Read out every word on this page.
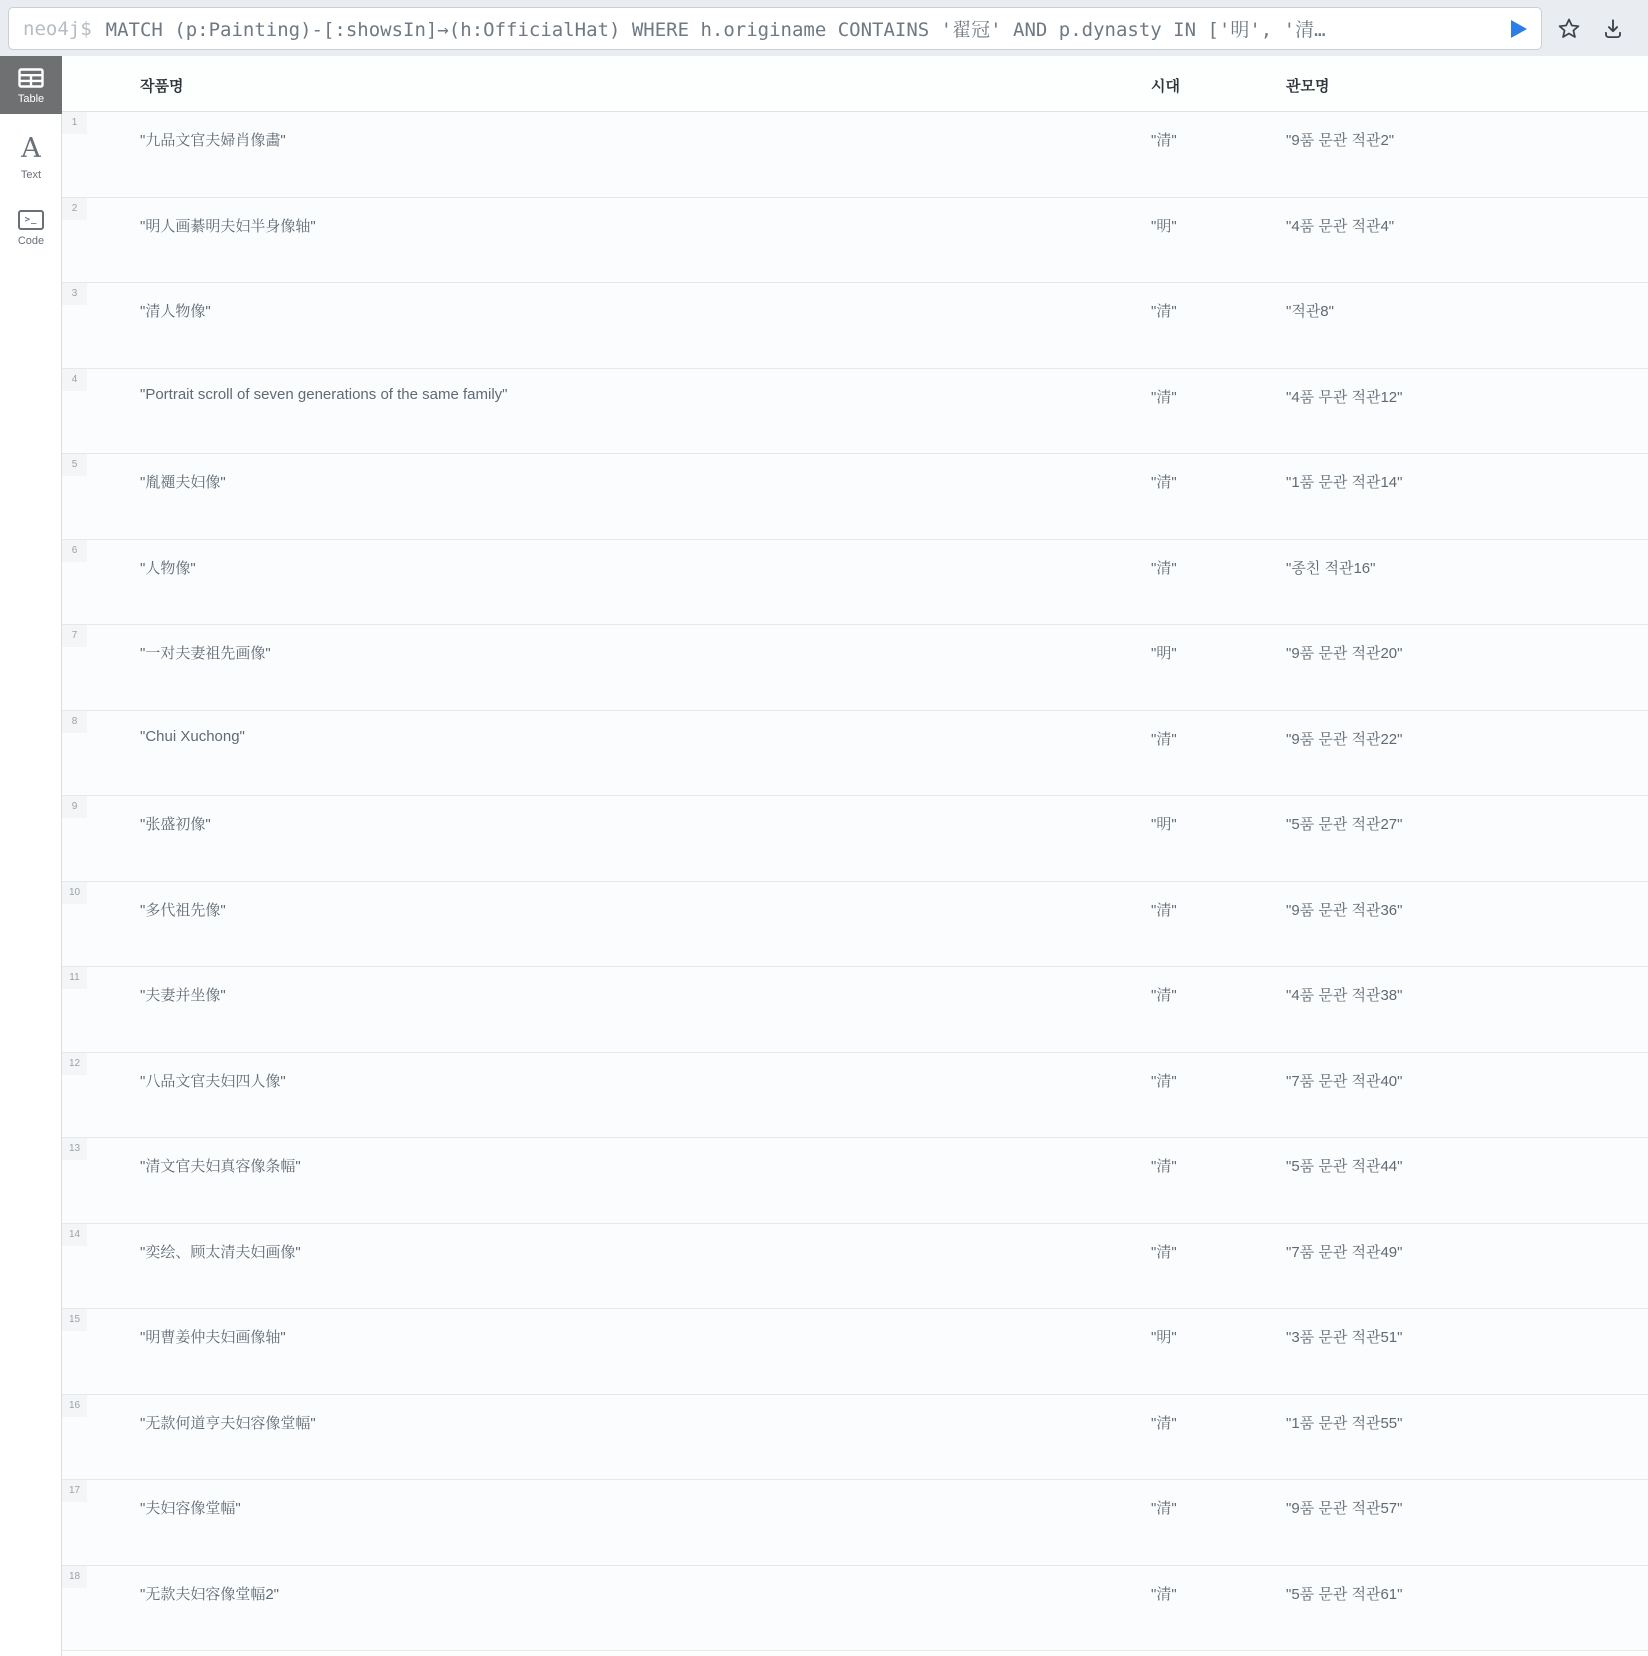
neo4j$ MATCH (p:Painting)-[:showsIn]→(h:OfficialHat) WHERE h.originame CONTAINS '翟冠' AND p.dynasty IN ['明', '清…
Table
A
Text
>_
Code
작품명	시대	관모명
1
"九品文官夫婦肖像畵"	"清"	"9품 문관 적관2"
2
"明人画綦明夫妇半身像轴"	"明"	"4품 문관 적관4"
3
"清人物像"	"清"	"적관8"
4
"Portrait scroll of seven generations of the same family"	"清"	"4품 무관 적관12"
5
"胤禵夫妇像"	"清"	"1품 문관 적관14"
6
"人物像"	"清"	"종친 적관16"
7
"一对夫妻祖先画像"	"明"	"9품 문관 적관20"
8
"Chui Xuchong"	"清"	"9품 문관 적관22"
9
"张盛初像"	"明"	"5품 문관 적관27"
10
"多代祖先像"	"清"	"9품 문관 적관36"
11
"夫妻并坐像"	"清"	"4품 문관 적관38"
12
"八品文官夫妇四人像"	"清"	"7품 문관 적관40"
13
"清文官夫妇真容像条幅"	"清"	"5품 문관 적관44"
14
"奕绘、顾太清夫妇画像"	"清"	"7품 문관 적관49"
15
"明曹姜仲夫妇画像轴"	"明"	"3품 문관 적관51"
16
"无款何道亨夫妇容像堂幅"	"清"	"1품 문관 적관55"
17
"夫妇容像堂幅"	"清"	"9품 문관 적관57"
18
"无款夫妇容像堂幅2"	"清"	"5품 문관 적관61"
